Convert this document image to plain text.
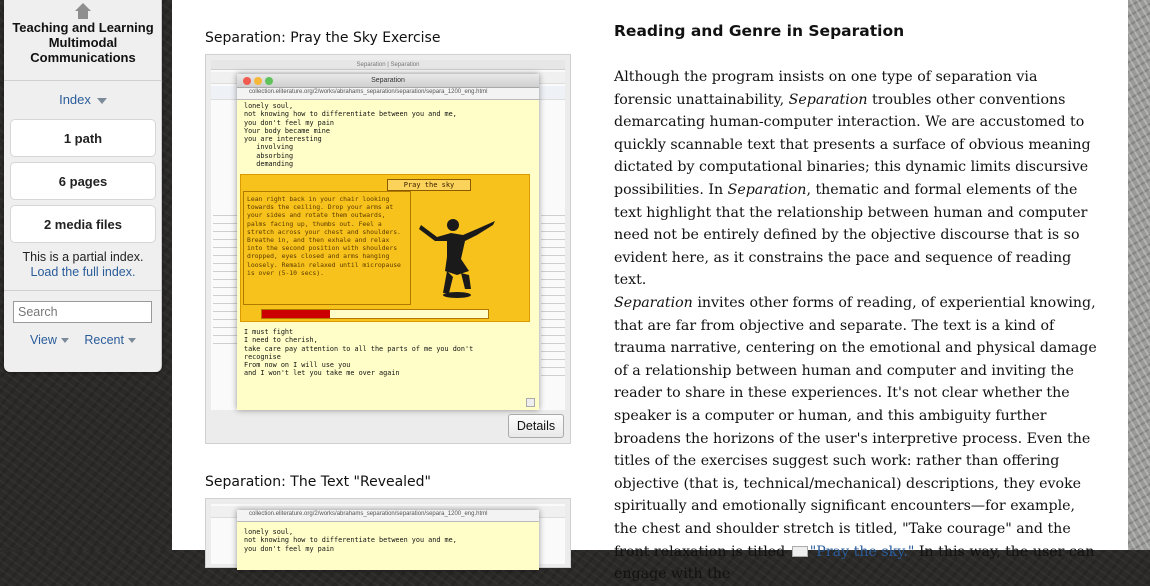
Teaching and Learning Multimodal Communications
Index
1 path
6 pages
2 media files
This is a partial index.
Load the full index.
Search
View Recent
Separation: Pray the Sky Exercise
Separation | Separation
Separation
collection.eliterature.org/2/works/abrahams_separation/separation/separa_1200_eng.html
lonely soul,
not knowing how to differentiate between you and me,
you don't feel my pain
Your body became mine
you are interesting
involving
absorbing
demanding
Pray the sky
Lean right back in your chair looking towards the ceiling. Drop your arms at your sides and rotate them outwards, palms facing up, thumbs out. Feel a stretch across your chest and shoulders. Breathe in, and then exhale and relax into the second position with shoulders dropped, eyes closed and arms hanging loosely. Remain relaxed until micropause is over (5-10 secs).
I must fight
I need to cherish,
take care pay attention to all the parts of me you don't
recognise
From now on I will use you
and I won't let you take me over again
Details
Separation: The Text "Revealed"
collection.eliterature.org/2/works/abrahams_separation/separation/separa_1200_eng.html
lonely soul,
not knowing how to differentiate between you and me,
you don't feel my pain
Reading and Genre in Separation

Although the program insists on one type of separation via forensic unattainability, Separation troubles other conventions demarcating human-computer interaction. We are accustomed to quickly scannable text that presents a surface of obvious meaning dictated by computational binaries; this dynamic limits discursive possibilities. In Separation, thematic and formal elements of the text highlight that the relationship between human and computer need not be entirely defined by the objective discourse that is so evident here, as it constrains the pace and sequence of reading text.

Separation invites other forms of reading, of experiential knowing, that are far from objective and separate. The text is a kind of trauma narrative, centering on the emotional and physical damage of a relationship between human and computer and inviting the reader to share in these experiences. It's not clear whether the speaker is a computer or human, and this ambiguity further broadens the horizons of the user's interpretive process. Even the titles of the exercises suggest such work: rather than offering objective (that is, technical/mechanical) descriptions, they evoke spiritually and emotionally significant encounters—for example, the chest and shoulder stretch is titled, "Take courage" and the front relaxation is titled "Pray the sky." In this way, the user can engage with the
